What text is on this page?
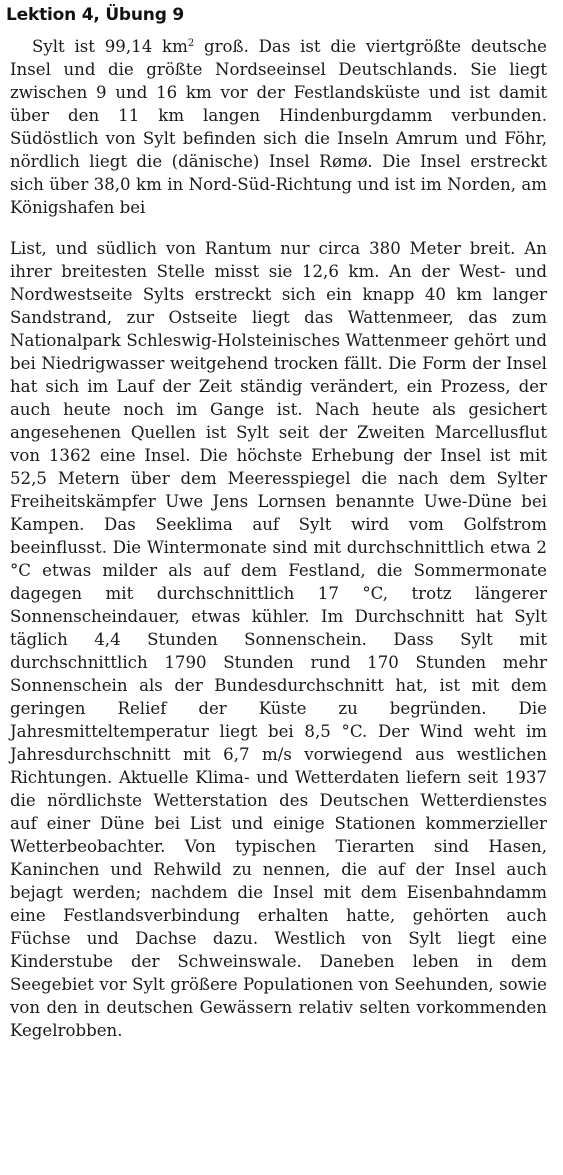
Lektion 4, Übung 9

Sylt ist 99,14 $km^2$ groß. Das ist die viertgrößte deutsche Insel und die größte Nordseeinsel Deutschlands. Sie liegt zwischen 9 und 16 km vor der Festlandsküste und ist damit über den 11 km langen Hindenburgdamm verbunden. Südöstlich von Sylt befinden sich die Inseln Amrum und Föhr, nördlich liegt die (dänische) Insel Rømø. Die Insel erstreckt sich über 38,0 km in Nord-Süd-Richtung und ist im Norden, am Königshafen bei

List, und südlich von Rantum nur circa 380 Meter breit. An ihrer breitesten Stelle misst sie 12,6 km. An der West- und Nordwestseite Sylts erstreckt sich ein knapp 40 km langer Sandstrand, zur Ostseite liegt das Wattenmeer, das zum Nationalpark Schleswig-Holsteinisches Wattenmeer gehört und bei Niedrigwasser weitgehend trocken fällt. Die Form der Insel hat sich im Lauf der Zeit ständig verändert, ein Prozess, der auch heute noch im Gange ist. Nach heute als gesichert angesehenen Quellen ist Sylt seit der Zweiten Marcellusflut von 1362 eine Insel. Die höchste Erhebung der Insel ist mit 52,5 Metern über dem Meeresspiegel die nach dem Sylter Freiheitskämpfer Uwe Jens Lornsen benannte Uwe-Düne bei Kampen. Das Seeklima auf Sylt wird vom Golfstrom beeinflusst. Die Wintermonate sind mit durchschnittlich etwa 2 °C etwas milder als auf dem Festland, die Sommermonate dagegen mit durchschnittlich 17 °C, trotz längerer Sonnenscheindauer, etwas kühler. Im Durchschnitt hat Sylt täglich 4,4 Stunden Sonnenschein. Dass Sylt mit durchschnittlich 1790 Stunden rund 170 Stunden mehr Sonnenschein als der Bundesdurchschnitt hat, ist mit dem geringen Relief der Küste zu begründen. Die Jahresmitteltemperatur liegt bei 8,5 °C. Der Wind weht im Jahresdurchschnitt mit 6,7 m/s vorwiegend aus westlichen Richtungen. Aktuelle Klima- und Wetterdaten liefern seit 1937 die nördlichste Wetterstation des Deutschen Wetterdienstes auf einer Düne bei List und einige Stationen kommerzieller Wetterbeobachter. Von typischen Tierarten sind Hasen, Kaninchen und Rehwild zu nennen, die auf der Insel auch bejagt werden; nachdem die Insel mit dem Eisenbahndamm eine Festlandsverbindung erhalten hatte, gehörten auch Füchse und Dachse dazu. Westlich von Sylt liegt eine Kinderstube der Schweinswale. Daneben leben in dem Seegebiet vor Sylt größere Populationen von Seehunden, sowie von den in deutschen Gewässern relativ selten vorkommenden Kegelrobben.
